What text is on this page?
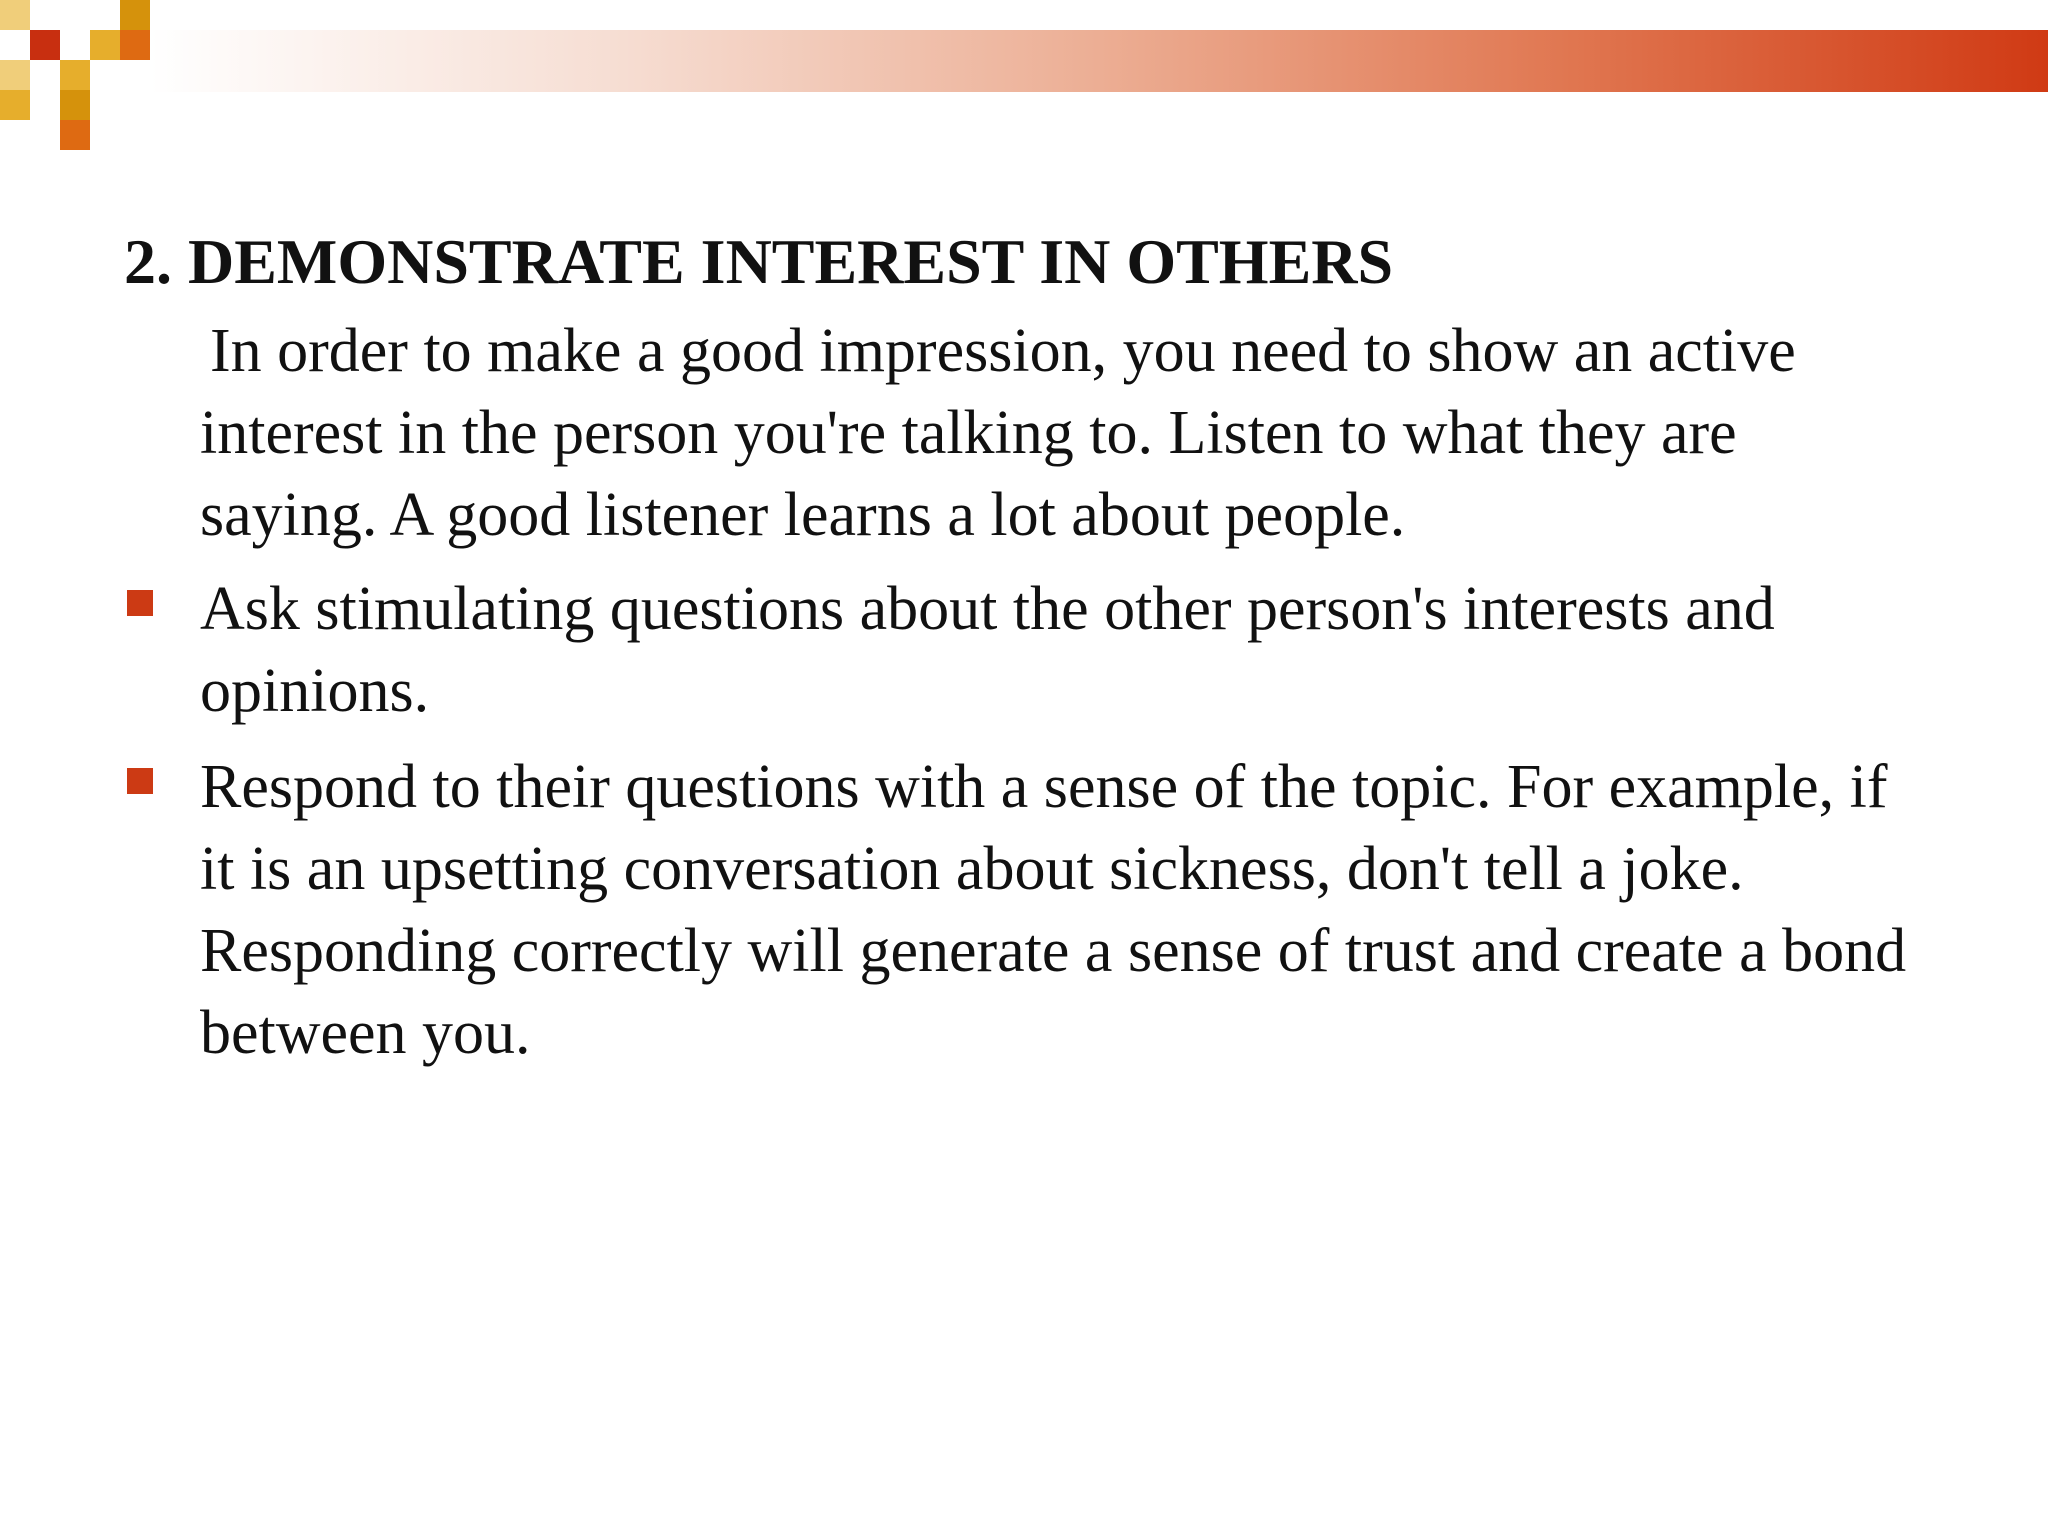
2. DEMONSTRATE INTEREST IN OTHERS

In order to make a good impression, you need to show an active interest in the person you're talking to. Listen to what they are saying. A good listener learns a lot about people.

Ask stimulating questions about the other person's interests and opinions.
Respond to their questions with a sense of the topic. For example, if it is an upsetting conversation about sickness, don't tell a joke. Responding correctly will generate a sense of trust and create a bond between you.
